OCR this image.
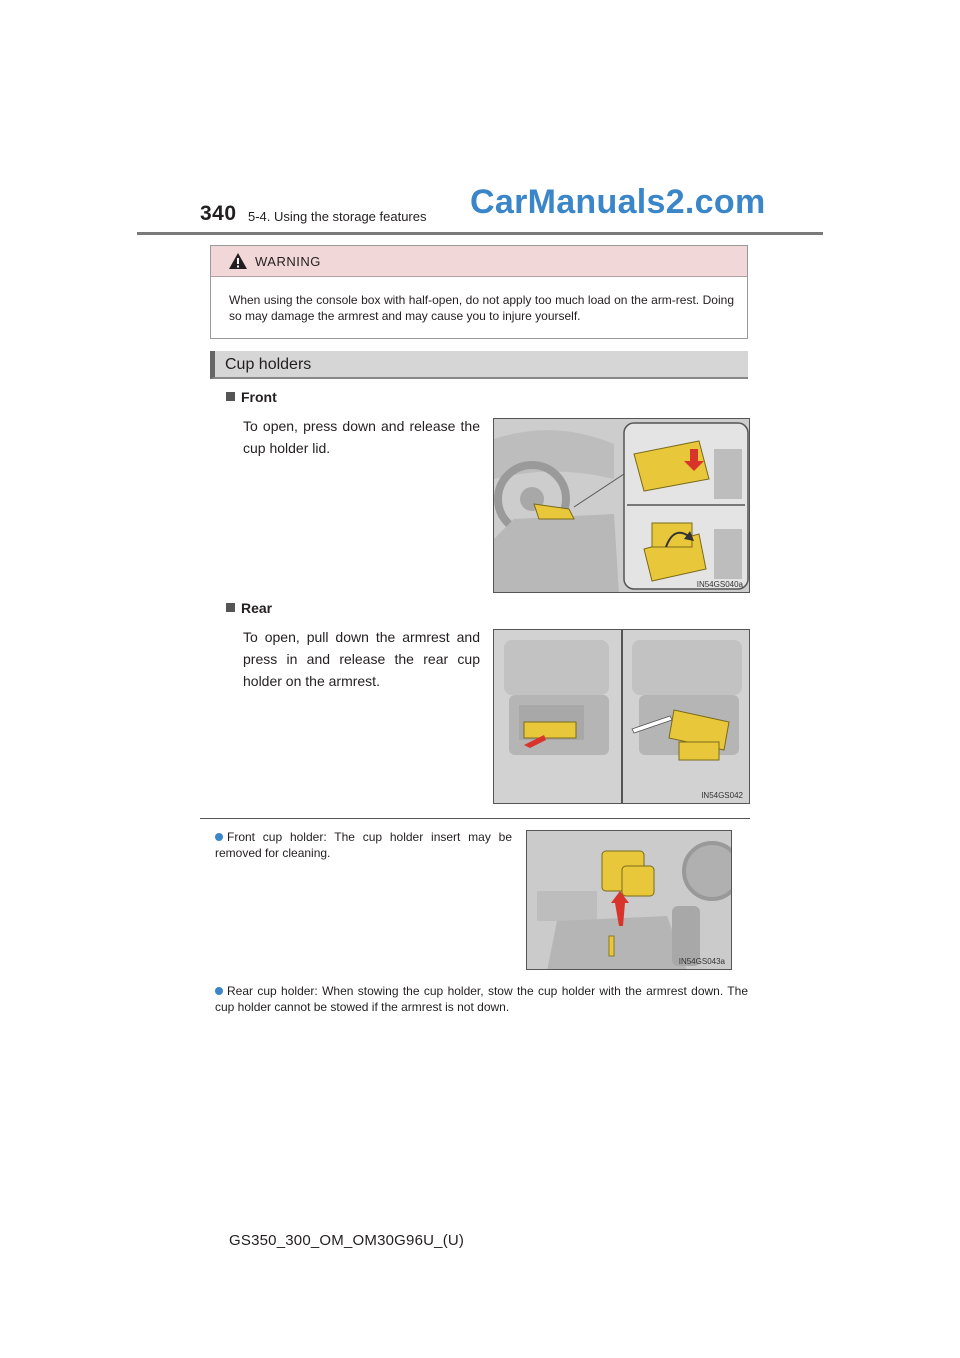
340 5-4. Using the storage features CarManuals2.com
WARNING
When using the console box with half-open, do not apply too much load on the arm-rest. Doing so may damage the armrest and may cause you to injure yourself.
Cup holders
Front
To open, press down and release the cup holder lid.
IN54GS040a
Rear
To open, pull down the armrest and press in and release the rear cup holder on the armrest.
IN54GS042
Front cup holder: The cup holder insert may be removed for cleaning.
IN54GS043a
Rear cup holder: When stowing the cup holder, stow the cup holder with the armrest down. The cup holder cannot be stowed if the armrest is not down.
GS350_300_OM_OM30G96U_(U)
